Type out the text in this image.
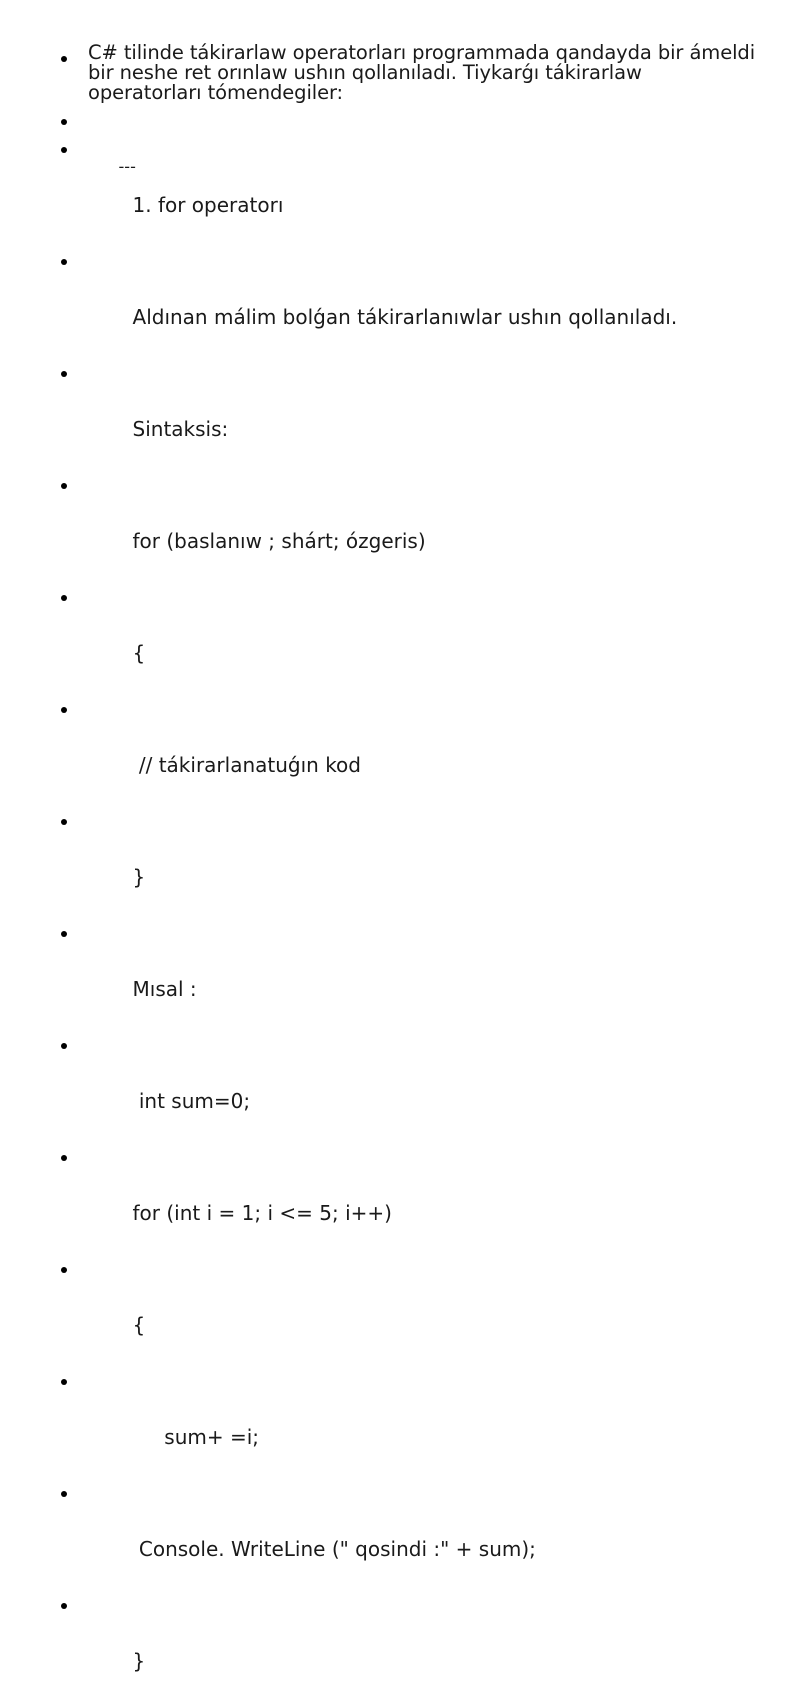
C# tilinde tákirarlaw operatorları programmada qandayda bir ámeldi bir neshe ret orınlaw ushın qollanıladı. Tiykarǵı tákirarlaw operatorları tómendegiler:

---

1. for operatorı

Aldınan málim bolǵan tákirarlanıwlar ushın qollanıladı.

Sintaksis:

for (baslanıw ; shárt; ózgeris)

{

// tákirarlanatuǵın kod

}

Mısal :

int sum=0;

for (int i = 1; i <= 5; i++)

{

sum+ =i;

Console. WriteLine (" qosindi :" + sum);

}
